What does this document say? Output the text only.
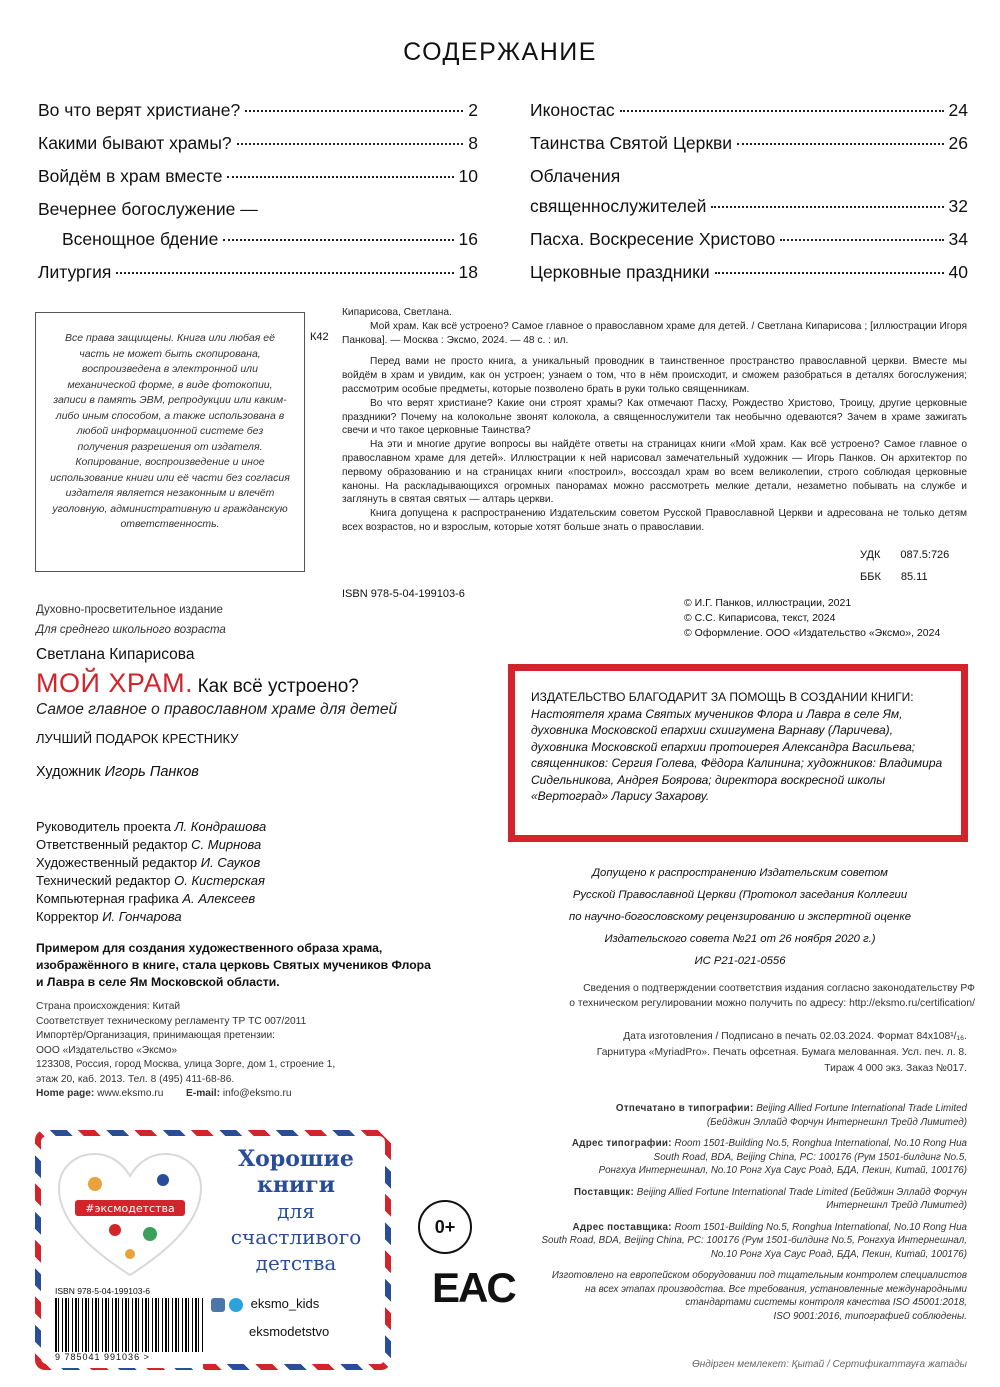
СОДЕРЖАНИЕ
Во что верят христиане?	2
Какими бывают храмы?	8
Войдём в храм вместе	10
Вечернее богослужение —
Всенощное бдение	16
Литургия	18
Иконостас	24
Таинства Святой Церкви	26
Облачения
священнослужителей	32
Пасха. Воскресение Христово	34
Церковные праздники	40
Все права защищены. Книга или любая её часть не может быть скопирована, воспроизведена в электронной или механической форме, в виде фотокопии, записи в память ЭВМ, репродукции или каким-либо иным способом, а также использована в любой информационной системе без получения разрешения от издателя. Копирование, воспроизведение и иное использование книги или её части без согласия издателя является незаконным и влечёт уголовную, административную и гражданскую ответственность.
К42

Кипарисова, Светлана.

Мой храм. Как всё устроено? Самое главное о православном храме для детей. / Светлана Кипарисова ; [иллюстрации Игоря Панкова]. — Москва : Эксмо, 2024. — 48 с. : ил.

Перед вами не просто книга, а уникальный проводник в таинственное пространство православной церкви. Вместе мы войдём в храм и увидим, как он устроен; узнаем о том, что в нём происходит, и сможем разобраться в деталях богослужения; рассмотрим особые предметы, которые позволено брать в руки только священникам.

Во что верят христиане? Какие они строят храмы? Как отмечают Пасху, Рождество Христово, Троицу, другие церковные праздники? Почему на колокольне звонят колокола, а священнослужители так необычно одеваются? Зачем в храме зажигать свечи и что такое церковные Таинства?

На эти и многие другие вопросы вы найдёте ответы на страницах книги «Мой храм. Как всё устроено? Самое главное о православном храме для детей». Иллюстрации к ней нарисовал замечательный художник — Игорь Панков. Он архитектор по первому образованию и на страницах книги «построил», воссоздал храм во всем великолепии, строго соблюдая церковные каноны. На раскладывающихся огромных панорамах можно рассмотреть мелкие детали, незаметно побывать на службе и заглянуть в святая святых — алтарь церкви.

Книга допущена к распространению Издательским советом Русской Православной Церкви и адресована не только детям всех возрастов, но и взрослым, которые хотят больше знать о православии.

УДК 087.5:726
ББК 85.11
ISBN 978-5-04-199103-6
© И.Г. Панков, иллюстрации, 2021
© С.С. Кипарисова, текст, 2024
© Оформление. ООО «Издательство «Эксмо», 2024
Духовно-просветительное издание
Для среднего школьного возраста
Светлана Кипарисова
МОЙ ХРАМ. Как всё устроено?
Самое главное о православном храме для детей
ЛУЧШИЙ ПОДАРОК КРЕСТНИКУ
Художник Игорь Панков
Руководитель проекта Л. Кондрашова
Ответственный редактор С. Мирнова
Художественный редактор И. Сауков
Технический редактор О. Кистерская
Компьютерная графика А. Алексеев
Корректор И. Гончарова
Примером для создания художественного образа храма, изображённого в книге, стала церковь Святых мучеников Флора и Лавра в селе Ям Московской области.
Страна происхождения: Китай
Соответствует техническому регламенту ТР ТС 007/2011
Импортёр/Организация, принимающая претензии:
ООО «Издательство «Эксмо»
123308, Россия, город Москва, улица Зорге, дом 1, строение 1,
этаж 20, каб. 2013. Тел. 8 (495) 411-68-86.
Home page: www.eksmo.ru E-mail: info@eksmo.ru
ИЗДАТЕЛЬСТВО БЛАГОДАРИТ ЗА ПОМОЩЬ В СОЗДАНИИ КНИГИ: Настоятеля храма Святых мучеников Флора и Лавра в селе Ям, духовника Московской епархии схиигумена Варнаву (Ларичева), духовника Московской епархии протоиерея Александра Васильева; священников: Сергия Голева, Фёдора Калинина; художников: Владимира Сидельникова, Андрея Боярова; директора воскресной школы «Вертоград» Ларису Захарову.
Допущено к распространению Издательским советом
Русской Православной Церкви (Протокол заседания Коллегии
по научно-богословскому рецензированию и экспертной оценке
Издательского совета №21 от 26 ноября 2020 г.)
ИС Р21-021-0556
Сведения о подтверждении соответствия издания согласно законодательству РФ
о техническом регулировании можно получить по адресу: http://eksmo.ru/certification/
Дата изготовления / Подписано в печать 02.03.2024. Формат 84х108¹/₁₆.
Гарнитура «MyriadPro». Печать офсетная. Бумага мелованная. Усл. печ. л. 8.
Тираж 4 000 экз. Заказ №017.
Отпечатано в типографии: Beijing Allied Fortune International Trade Limited
(Бейджин Эллайд Форчун Интернешнл Трейд Лимитед)
Адрес типографии: Room 1501-Building No.5, Ronghua International, No.10 Rong Hua
South Road, BDA, Beijing China, PC: 100176 (Рум 1501-билдинг No.5,
Ронгхуа Интернешнал, No.10 Ронг Хуа Саус Роад, БДА, Пекин, Китай, 100176)
Поставщик: Beijing Allied Fortune International Trade Limited (Бейджин Эллайд Форчун
Интернешнл Трейд Лимитед)
Адрес поставщика: Room 1501-Building No.5, Ronghua International, No.10 Rong Hua
South Road, BDA, Beijing China, PC: 100176 (Рум 1501-билдинг No.5, Ронгхуа Интернешнал,
No.10 Ронг Хуа Саус Роад, БДА, Пекин, Китай, 100176)
Изготовлено на европейском оборудовании под тщательным контролем специалистов
на всех этапах производства. Все требования, установленные международными
стандартами системы контроля качества ISO 45001:2018,
ISO 9001:2016, типографией соблюдены.
Өндірген мемлекет: Қытай / Сертификаттауға жатады
0+
EAC
#эксмодетства
Хорошие
книги
для счастливого
детства
eksmo_kids
eksmodetstvo
ISBN 978-5-04-199103-6
9 785041 991036 >
